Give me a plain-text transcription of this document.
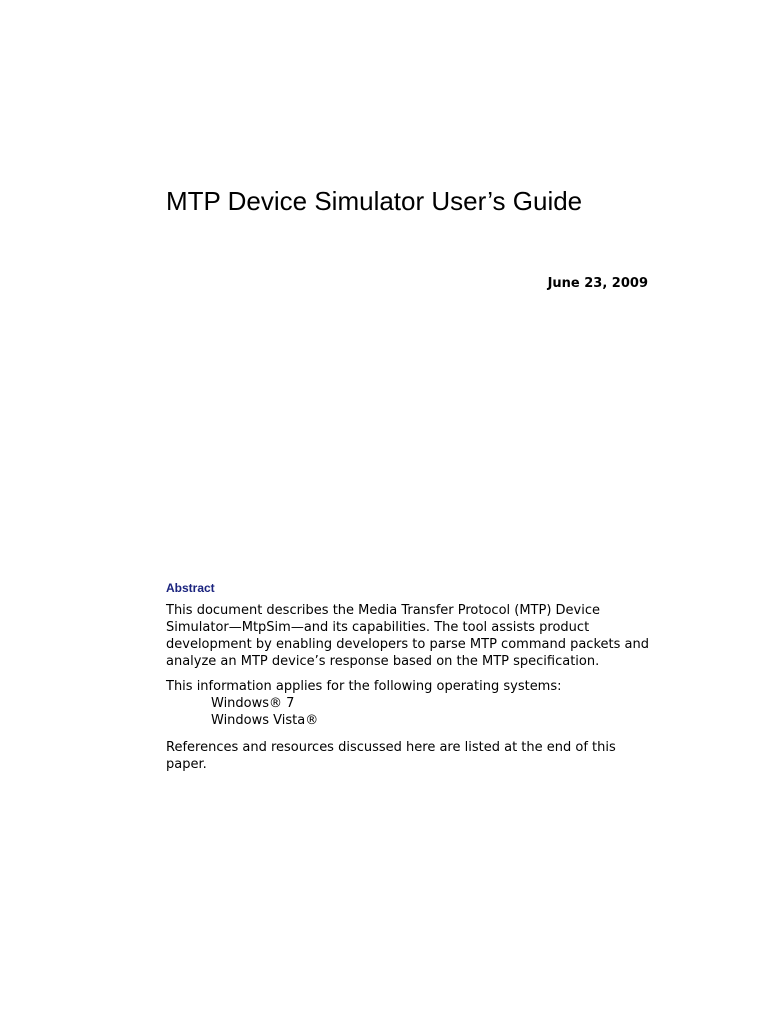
MTP Device Simulator User’s Guide
June 23, 2009
Abstract

This document describes the Media Transfer Protocol (MTP) Device Simulator—MtpSim—and its capabilities. The tool assists product development by enabling developers to parse MTP command packets and analyze an MTP device’s response based on the MTP specification.

This information applies for the following operating systems:

Windows® 7
Windows Vista®

References and resources discussed here are listed at the end of this paper.
